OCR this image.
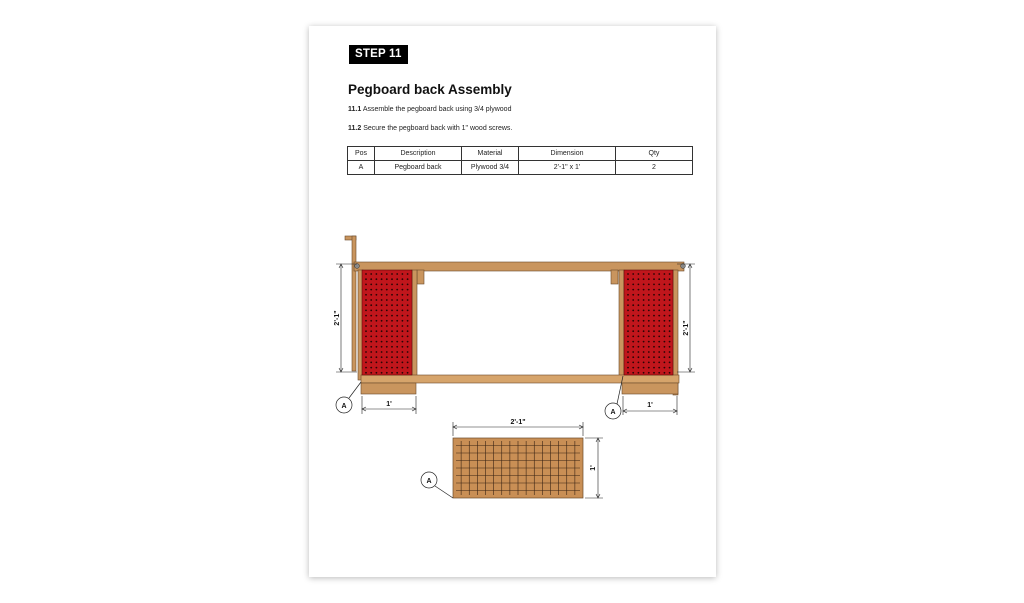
STEP 11
Pegboard back Assembly
11.1 Assemble the pegboard back using 3/4 plywood
11.2 Secure the pegboard back with 1" wood screws.
Pos	Description	Material	Dimension	Qty
A	Pegboard back	Plywood 3/4	2'-1" x 1'	2
2'-1"
1'
2'-1"
1'
A
A
2'-1"
1'
A
